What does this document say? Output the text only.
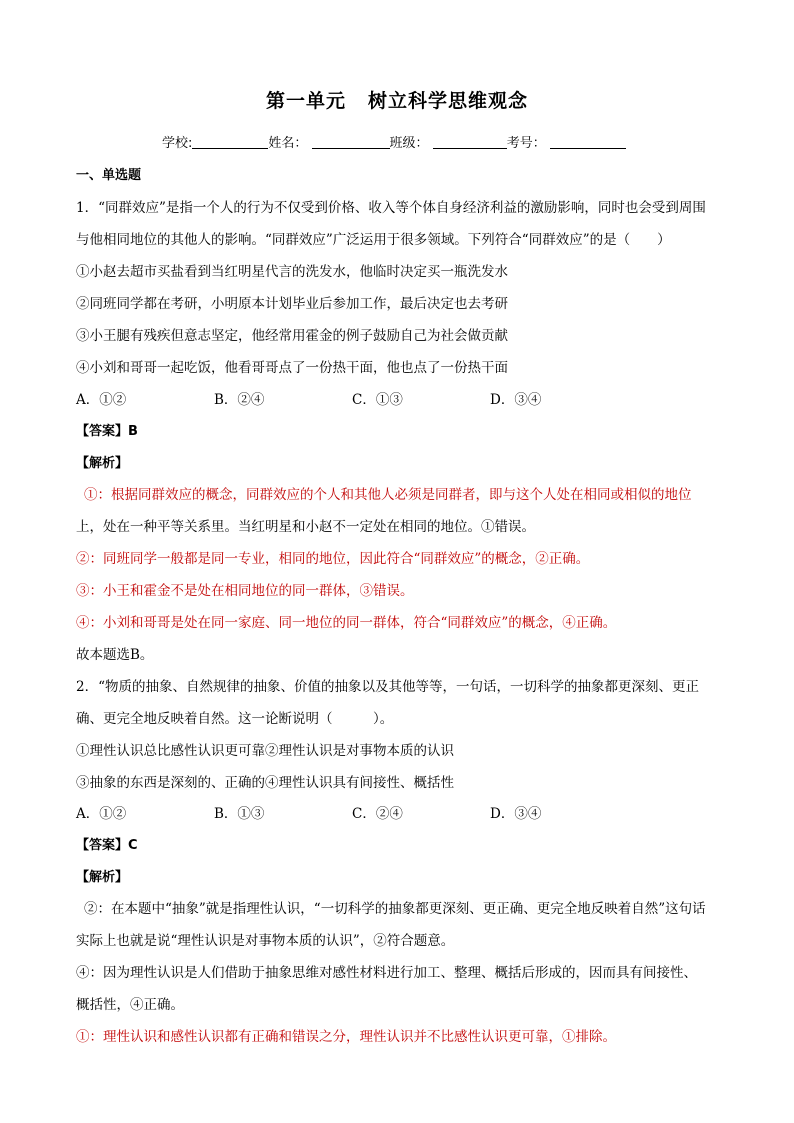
第一单元 树立科学思维观念
学校:	姓名：	班级：	考号：
一、单选题
1．“同群效应”是指一个人的行为不仅受到价格、收入等个体自身经济利益的激励影响，同时也会受到周围
与他相同地位的其他人的影响。“同群效应”广泛运用于很多领域。下列符合“同群效应”的是（　　）
①小赵去超市买盐看到当红明星代言的洗发水，他临时决定买一瓶洗发水
②同班同学都在考研，小明原本计划毕业后参加工作，最后决定也去考研
③小王腿有残疾但意志坚定，他经常用霍金的例子鼓励自己为社会做贡献
④小刘和哥哥一起吃饭，他看哥哥点了一份热干面，他也点了一份热干面
A．①②	B．②④	C．①③	D．③④
【答案】B
【解析】
①：根据同群效应的概念，同群效应的个人和其他人必须是同群者，即与这个人处在相同或相似的地位
上，处在一种平等关系里。当红明星和小赵不一定处在相同的地位。①错误。
②：同班同学一般都是同一专业，相同的地位，因此符合“同群效应”的概念，②正确。
③：小王和霍金不是处在相同地位的同一群体，③错误。
④：小刘和哥哥是处在同一家庭、同一地位的同一群体，符合“同群效应”的概念，④正确。
故本题选B。
2．“物质的抽象、自然规律的抽象、价值的抽象以及其他等等，一句话，一切科学的抽象都更深刻、更正
确、更完全地反映着自然。这一论断说明（　　　）。
①理性认识总比感性认识更可靠②理性认识是对事物本质的认识
③抽象的东西是深刻的、正确的④理性认识具有间接性、概括性
A．①②	B．①③	C．②④	D．③④
【答案】C
【解析】
②：在本题中“抽象”就是指理性认识，“一切科学的抽象都更深刻、更正确、更完全地反映着自然”这句话
实际上也就是说“理性认识是对事物本质的认识”，②符合题意。
④：因为理性认识是人们借助于抽象思维对感性材料进行加工、整理、概括后形成的，因而具有间接性、
概括性，④正确。
①：理性认识和感性认识都有正确和错误之分，理性认识并不比感性认识更可靠，①排除。
